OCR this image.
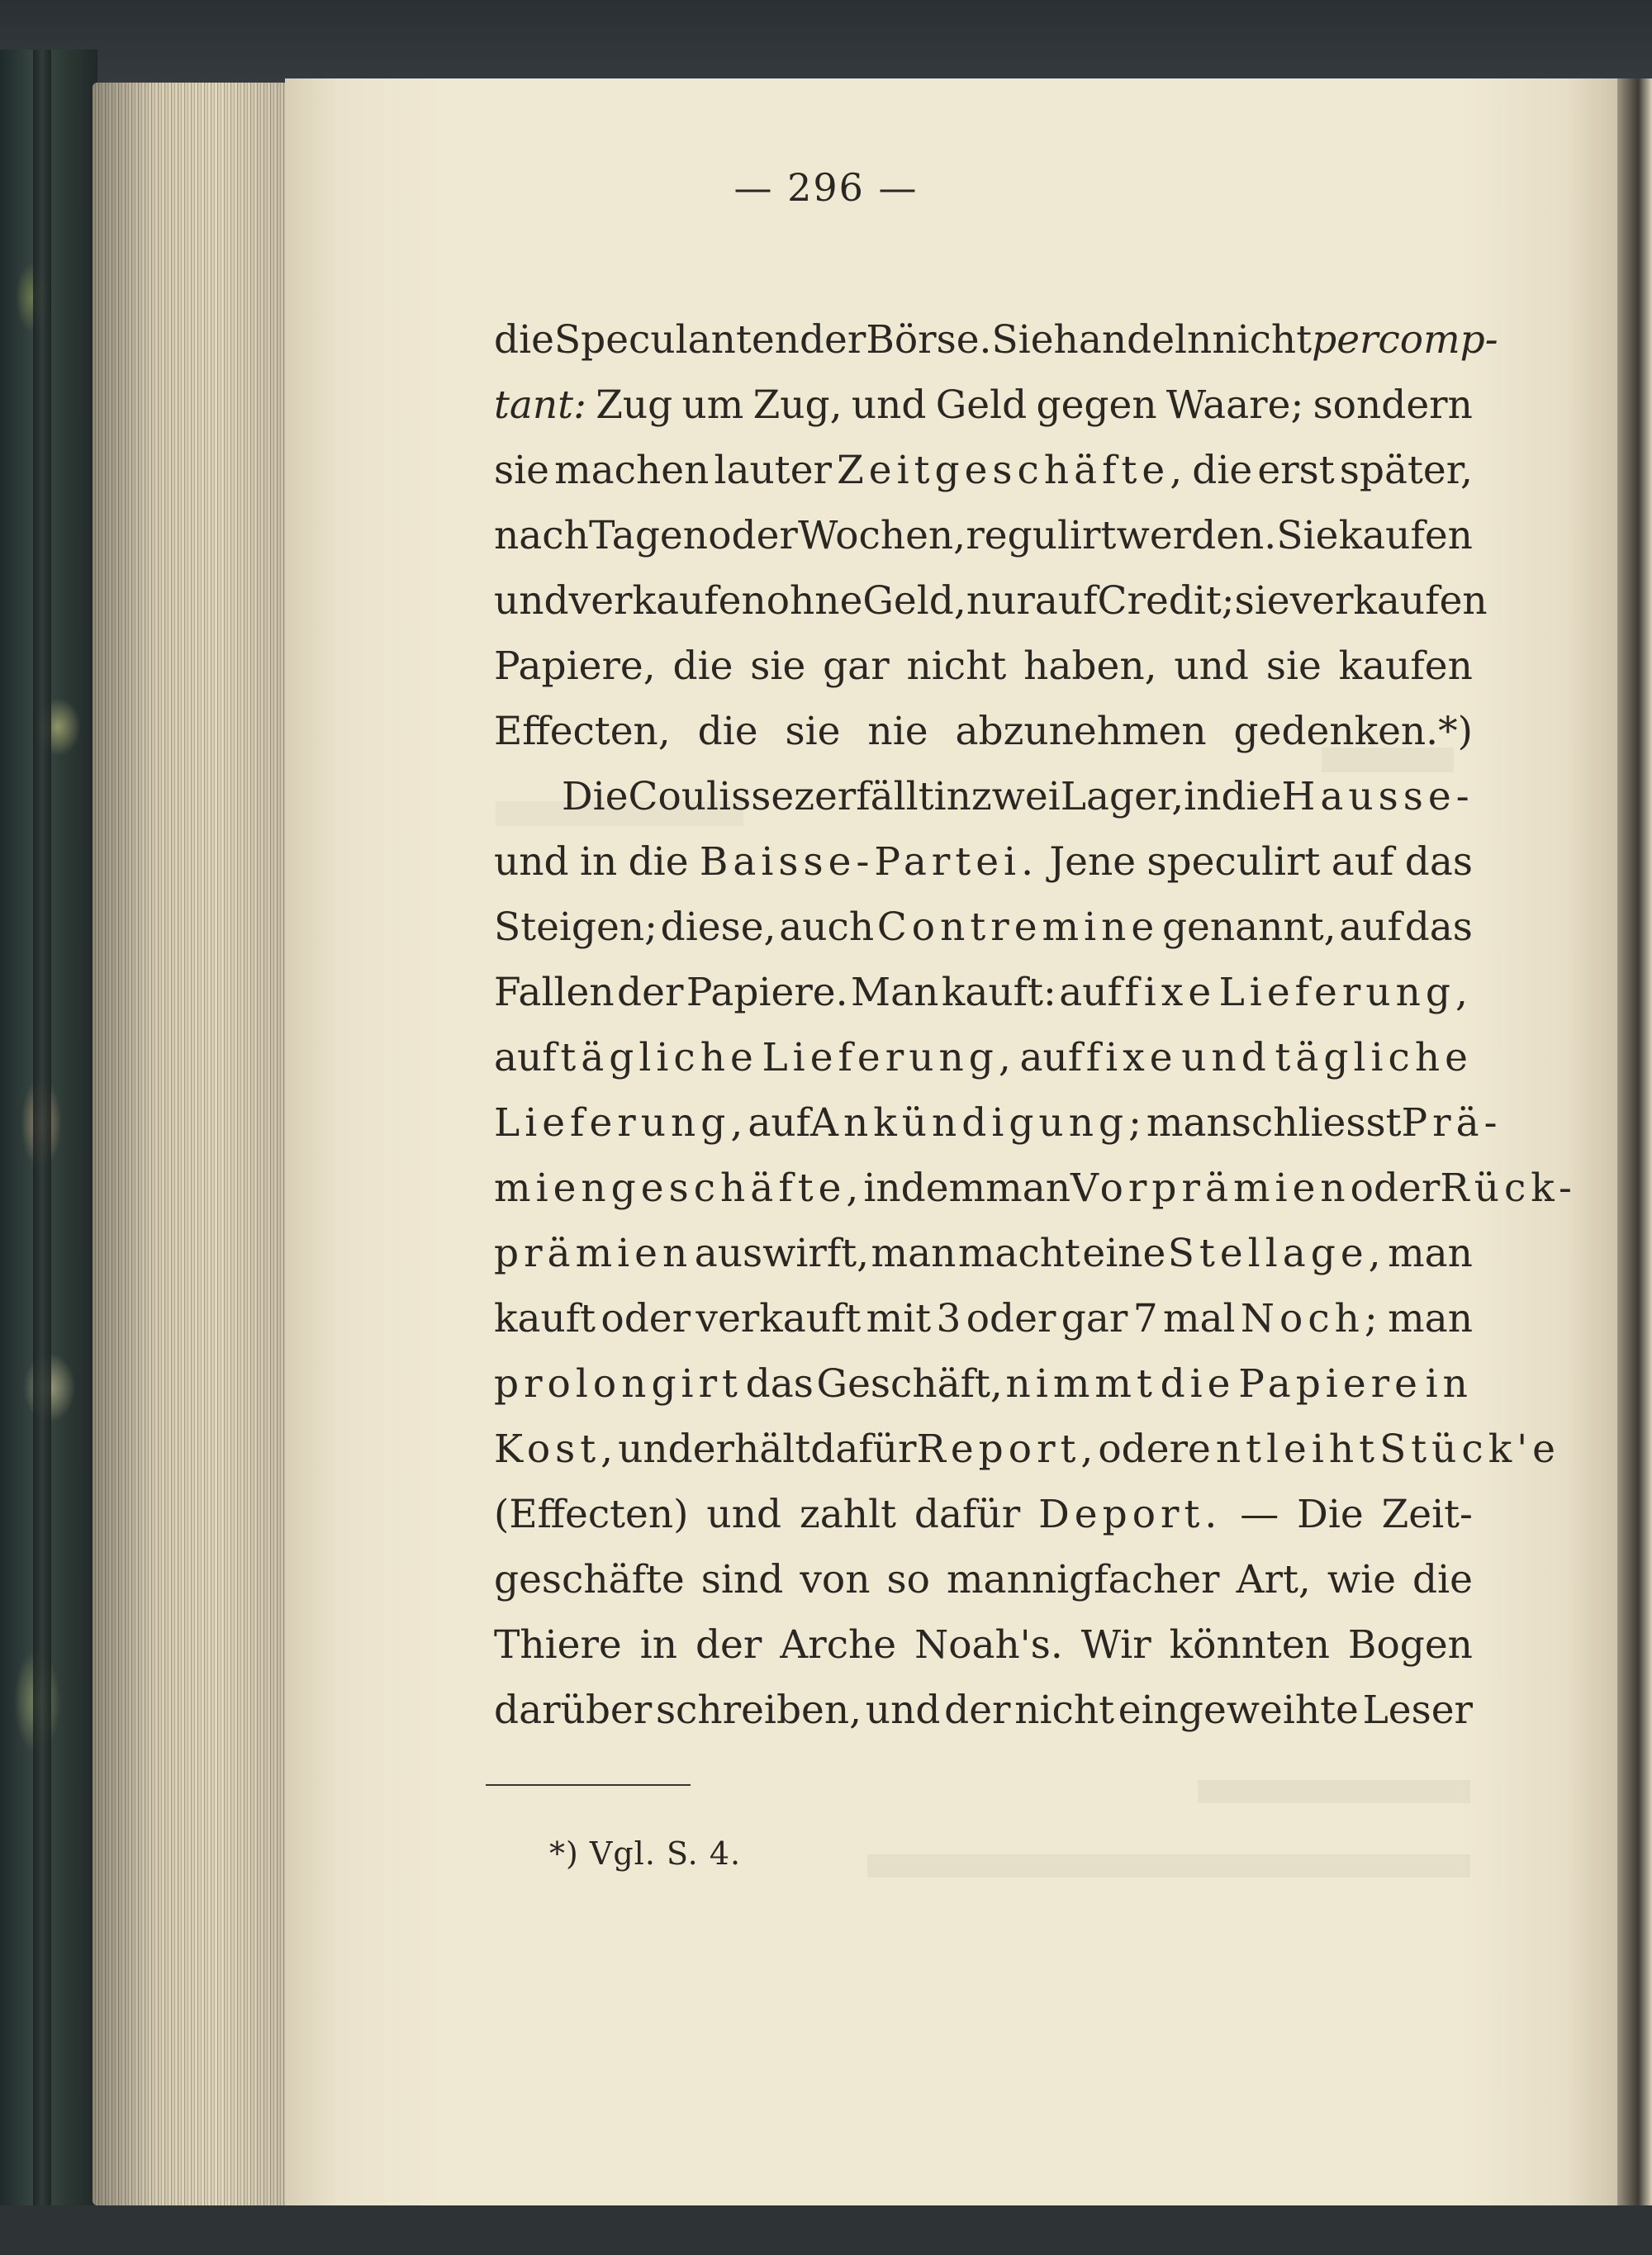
— 296 —
die Speculanten der Börse. Sie handeln nicht per comp-
tant: Zug um Zug, und Geld gegen Waare; sondern
sie machen lauter Zeitgeschäfte, die erst später,
nach Tagen oder Wochen, regulirt werden. Sie kaufen
und verkaufen ohne Geld, nur auf Credit; sie verkaufen
Papiere, die sie gar nicht haben, und sie kaufen
Effecten, die sie nie abzunehmen gedenken.*)
Die Coulisse zerfällt in zwei Lager, in die Hausse-
und in die Baisse-Partei. Jene speculirt auf das
Steigen; diese, auch Contremine genannt, auf das
Fallen der Papiere. Man kauft: auf fixe Lieferung,
auf tägliche Lieferung, auf fixe und tägliche
Lieferung, auf Ankündigung; man schliesst Prä-
miengeschäfte, indem man Vorprämien oder Rück-
prämien auswirft, man macht eine Stellage, man
kauft oder verkauft mit 3 oder gar 7 mal Noch; man
prolongirt das Geschäft, nimmt die Papiere in
Kost, und erhält dafür Report, oder entleiht Stück'e
(Effecten) und zahlt dafür Deport. — Die Zeit-
geschäfte sind von so mannigfacher Art, wie die
Thiere in der Arche Noah's. Wir könnten Bogen
darüber schreiben, und der nicht eingeweihte Leser
*) Vgl. S. 4.
